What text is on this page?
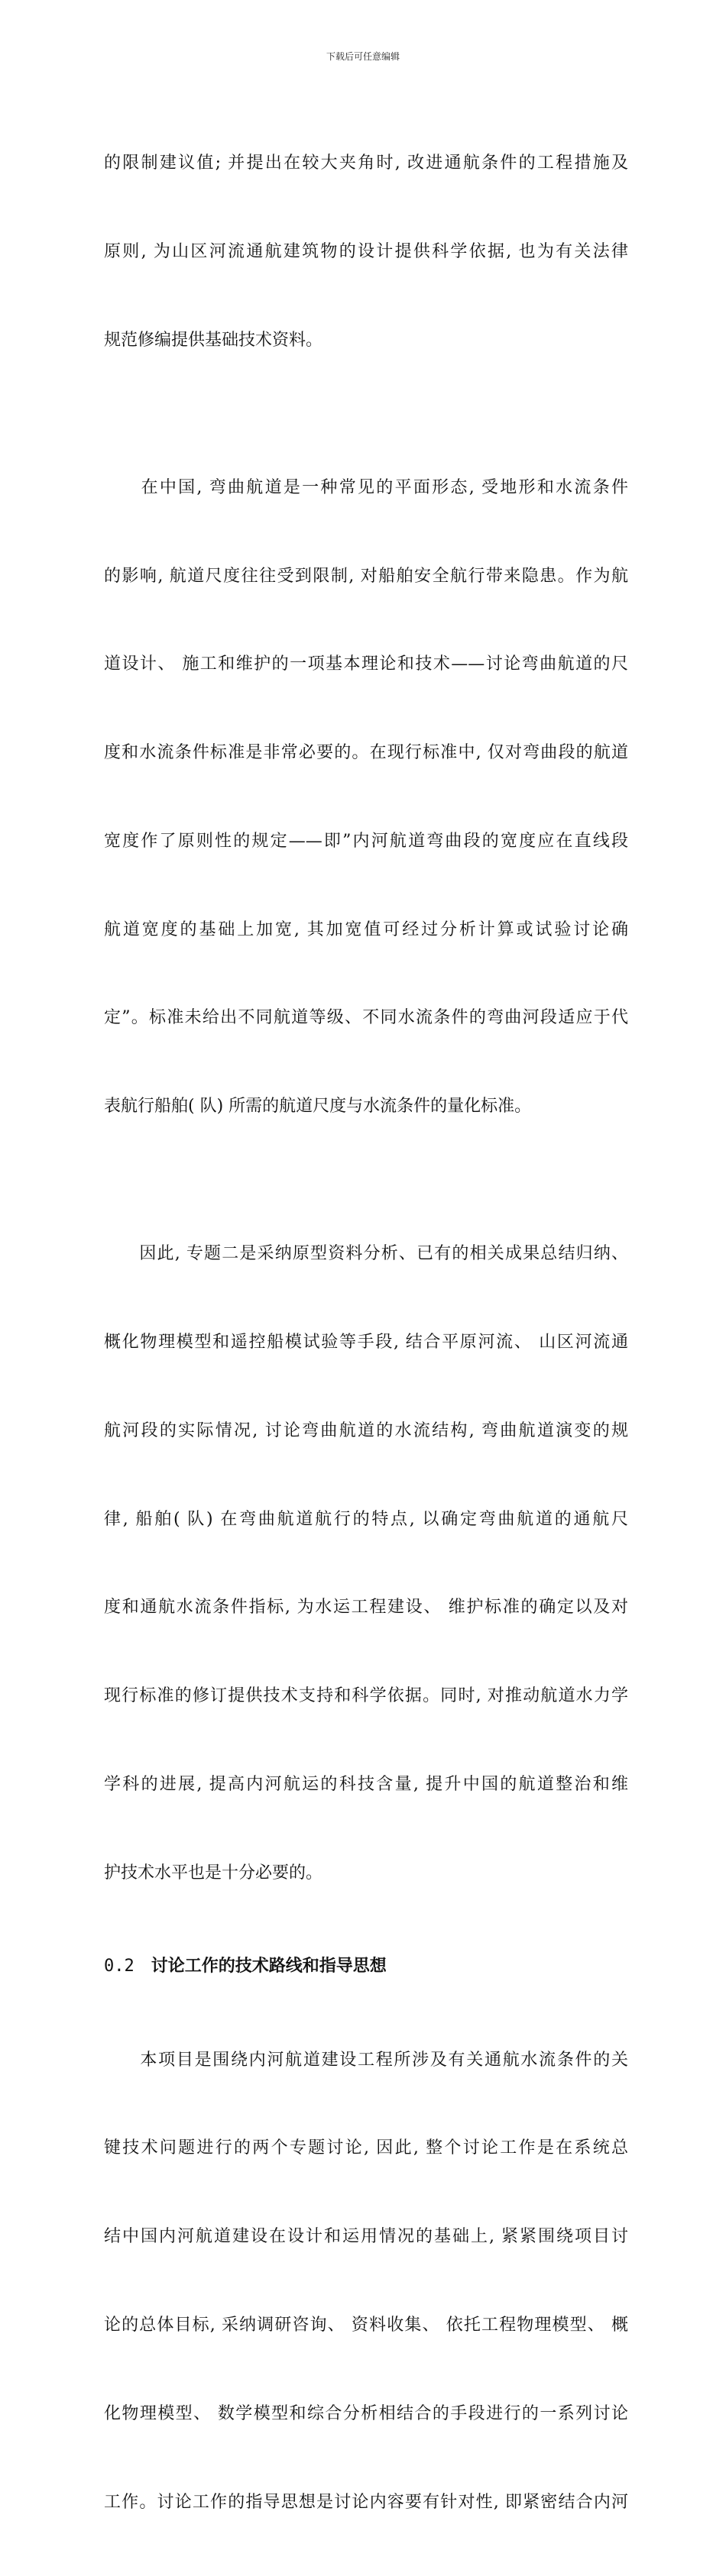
下载后可任意编辑

的限制建议值; 并提出在较大夹角时, 改进通航条件的工程措施及

原则, 为山区河流通航建筑物的设计提供科学依据, 也为有关法律

规范修编提供基础技术资料。

　　在中国, 弯曲航道是一种常见的平面形态, 受地形和水流条件

的影响, 航道尺度往往受到限制, 对船舶安全航行带来隐患。作为航

道设计、 施工和维护的一项基本理论和技术——讨论弯曲航道的尺

度和水流条件标准是非常必要的。在现行标准中, 仅对弯曲段的航道

宽度作了原则性的规定——即”内河航道弯曲段的宽度应在直线段

航道宽度的基础上加宽, 其加宽值可经过分析计算或试验讨论确

定”。标准未给出不同航道等级、不同水流条件的弯曲河段适应于代

表航行船舶( 队) 所需的航道尺度与水流条件的量化标准。

　　因此, 专题二是采纳原型资料分析、已有的相关成果总结归纳、

概化物理模型和遥控船模试验等手段, 结合平原河流、 山区河流通

航河段的实际情况, 讨论弯曲航道的水流结构, 弯曲航道演变的规

律, 船舶( 队) 在弯曲航道航行的特点, 以确定弯曲航道的通航尺

度和通航水流条件指标, 为水运工程建设、 维护标准的确定以及对

现行标准的修订提供技术支持和科学依据。同时, 对推动航道水力学

学科的进展, 提高内河航运的科技含量, 提升中国的航道整治和维

护技术水平也是十分必要的。

0.2 讨论工作的技术路线和指导思想

　　本项目是围绕内河航道建设工程所涉及有关通航水流条件的关

键技术问题进行的两个专题讨论, 因此, 整个讨论工作是在系统总

结中国内河航道建设在设计和运用情况的基础上, 紧紧围绕项目讨

论的总体目标, 采纳调研咨询、 资料收集、 依托工程物理模型、 概

化物理模型、 数学模型和综合分析相结合的手段进行的一系列讨论

工作。讨论工作的指导思想是讨论内容要有针对性, 即紧密结合内河
